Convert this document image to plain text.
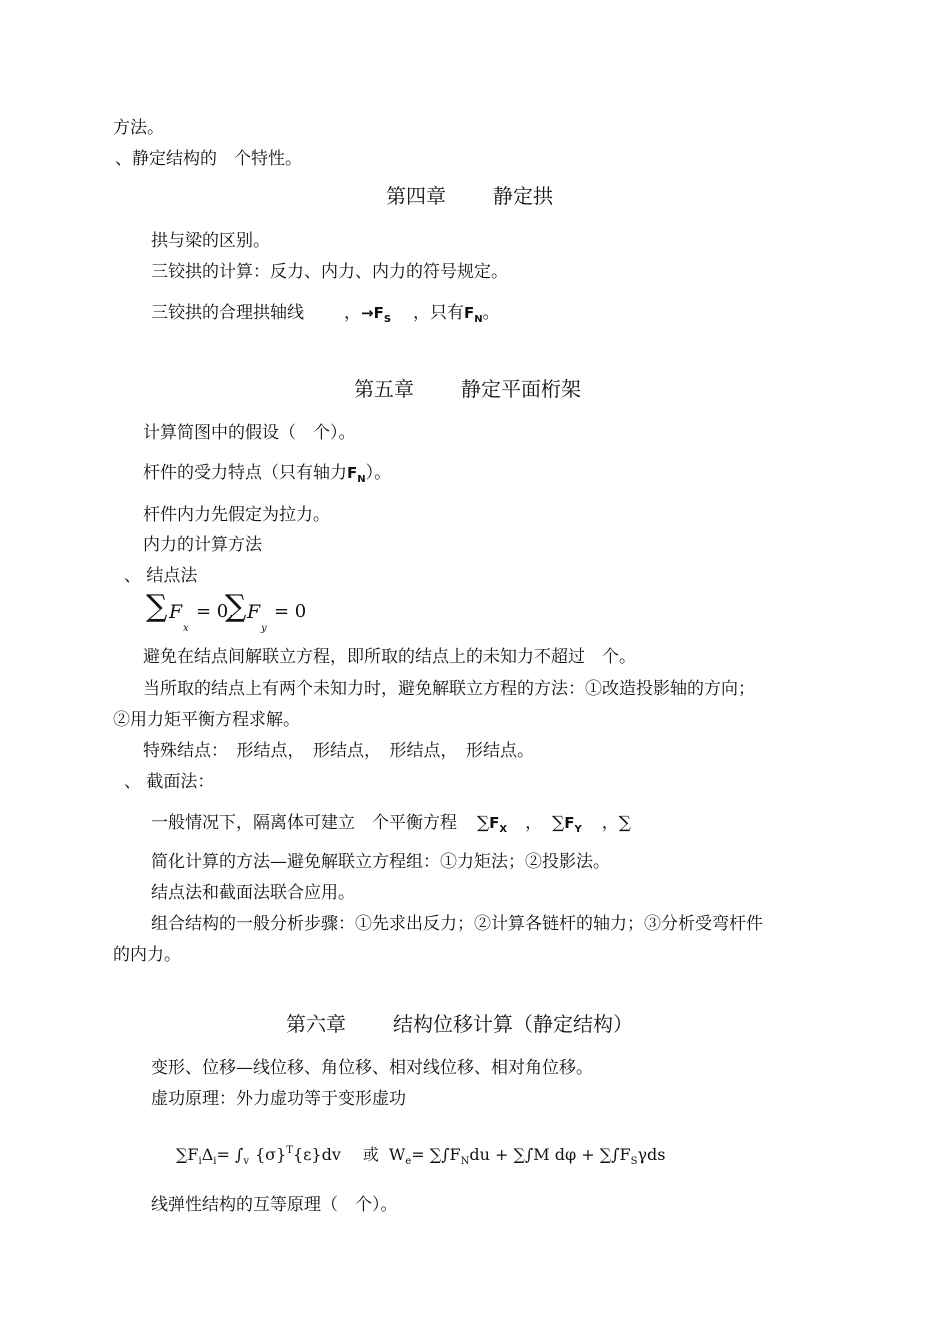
方法。

、静定结构的　个特性。

第四章 静定拱

拱与梁的区别。

三铰拱的计算：反力、内力、内力的符号规定。

三铰拱的合理拱轴线 ，$\to F_S$ ，只有$F_N$。

第五章 静定平面桁架

计算简图中的假设（　个）。

杆件的受力特点（只有轴力$F_N$）。

杆件内力先假定为拉力。

内力的计算方法

、 结点法

∑ F
x
= 0,
∑ F
y
= 0

避免在结点间解联立方程，即所取的结点上的未知力不超过　个。

当所取的结点上有两个未知力时，避免解联立方程的方法：①改造投影轴的方向；

②用力矩平衡方程求解。

特殊结点：　形结点，　形结点，　形结点，　形结点。

、 截面法：

一般情况下，隔离体可建立　个平衡方程 $\sum F_X$ ， $\sum F_Y$ ，∑

简化计算的方法—避免解联立方程组：①力矩法；②投影法。

结点法和截面法联合应用。

组合结构的一般分析步骤：①先求出反力；②计算各链杆的轴力；③分析受弯杆件

的内力。

第六章 结构位移计算（静定结构）

变形、位移—线位移、角位移、相对线位移、相对角位移。

虚功原理：外力虚功等于变形虚功

$\sum F_i\Delta_i= \int_v$ $\{\sigma\}^T\{\varepsilon\}dv$ 或 $W_e= \sum\int F_Ndu + \sum\int M$ $d\varphi + \sum\int F_S\gamma ds$

线弹性结构的互等原理（　个）。
